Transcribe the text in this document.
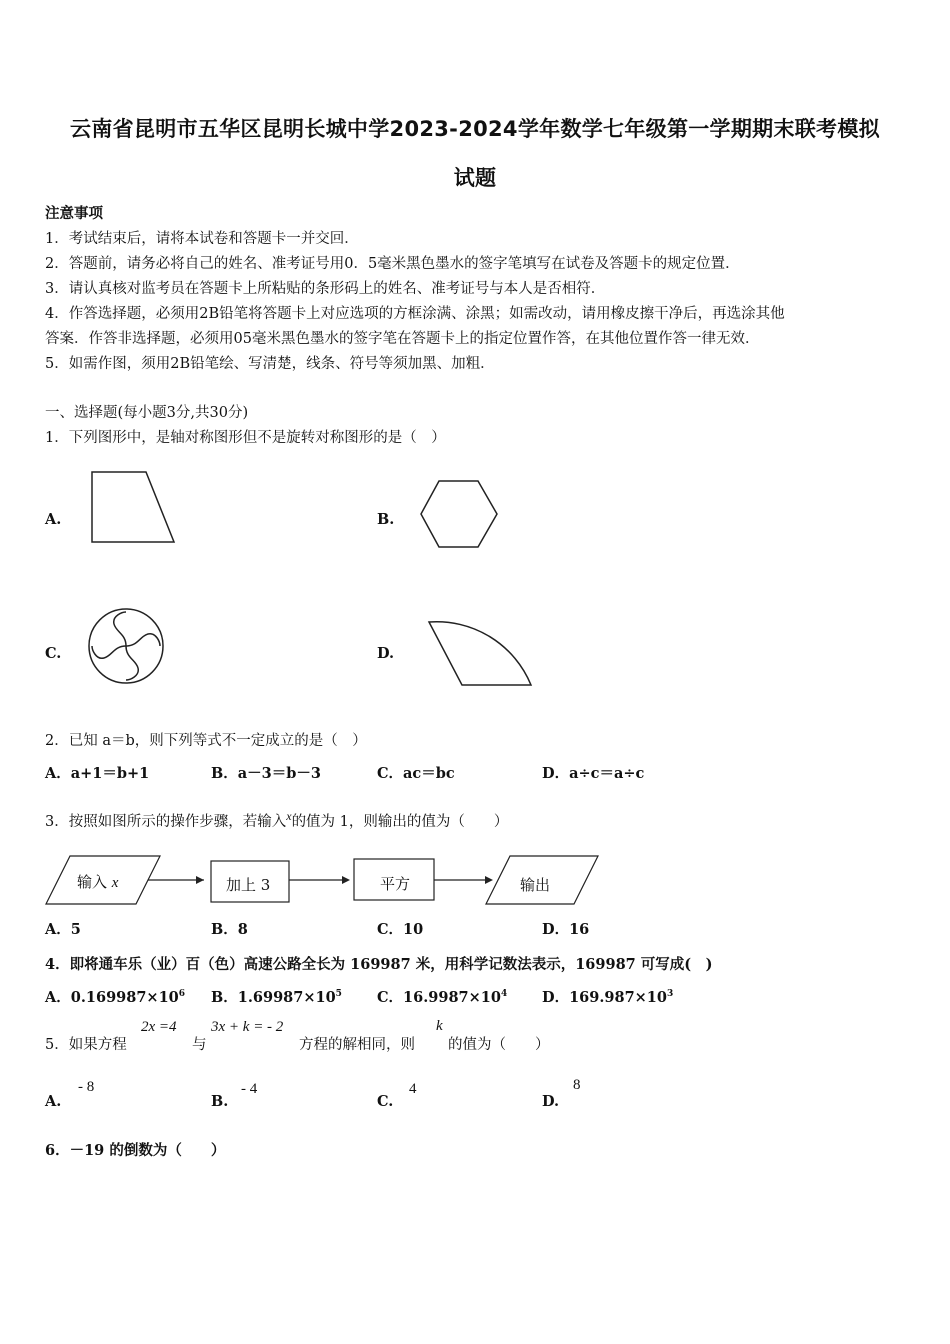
云南省昆明市五华区昆明长城中学2023-2024学年数学七年级第一学期期末联考模拟
试题
注意事项
1．考试结束后，请将本试卷和答题卡一并交回．
2．答题前，请务必将自己的姓名、准考证号用0．5毫米黑色墨水的签字笔填写在试卷及答题卡的规定位置．
3．请认真核对监考员在答题卡上所粘贴的条形码上的姓名、准考证号与本人是否相符．
4．作答选择题，必须用2B铅笔将答题卡上对应选项的方框涂满、涂黑；如需改动，请用橡皮擦干净后，再选涂其他
答案．作答非选择题，必须用05毫米黑色墨水的签字笔在答题卡上的指定位置作答，在其他位置作答一律无效．
5．如需作图，须用2B铅笔绘、写清楚，线条、符号等须加黑、加粗．
一、选择题(每小题3分,共30分)
1．下列图形中，是轴对称图形但不是旋转对称图形的是（　）
A.	B.
C.	D.
2．已知 a＝b，则下列等式不一定成立的是（　）
A．a+1＝b+1	B．a－3＝b－3	C．ac＝bc	D．a÷c＝a÷c
3．按照如图所示的操作步骤，若输入$^x$的值为 1，则输出的值为（　　）
输入 x	加上 3	平方	输出
A．5	B．8	C．10	D．16
4．即将通车乐（业）百（色）高速公路全长为 169987 米，用科学记数法表示，169987 可写成(　)
A．$0.169987\times 10^6$ B．$1.69987\times 10^5$ C．$16.9987\times 10^4$ D．$169.987\times 10^3$
5．如果方程
2x =4
与
3x + k = - 2
方程的解相同，则
k
的值为（　　）
A.
- 8
B.
- 4
C.
4
D.
8
6．－19 的倒数为（　　）
